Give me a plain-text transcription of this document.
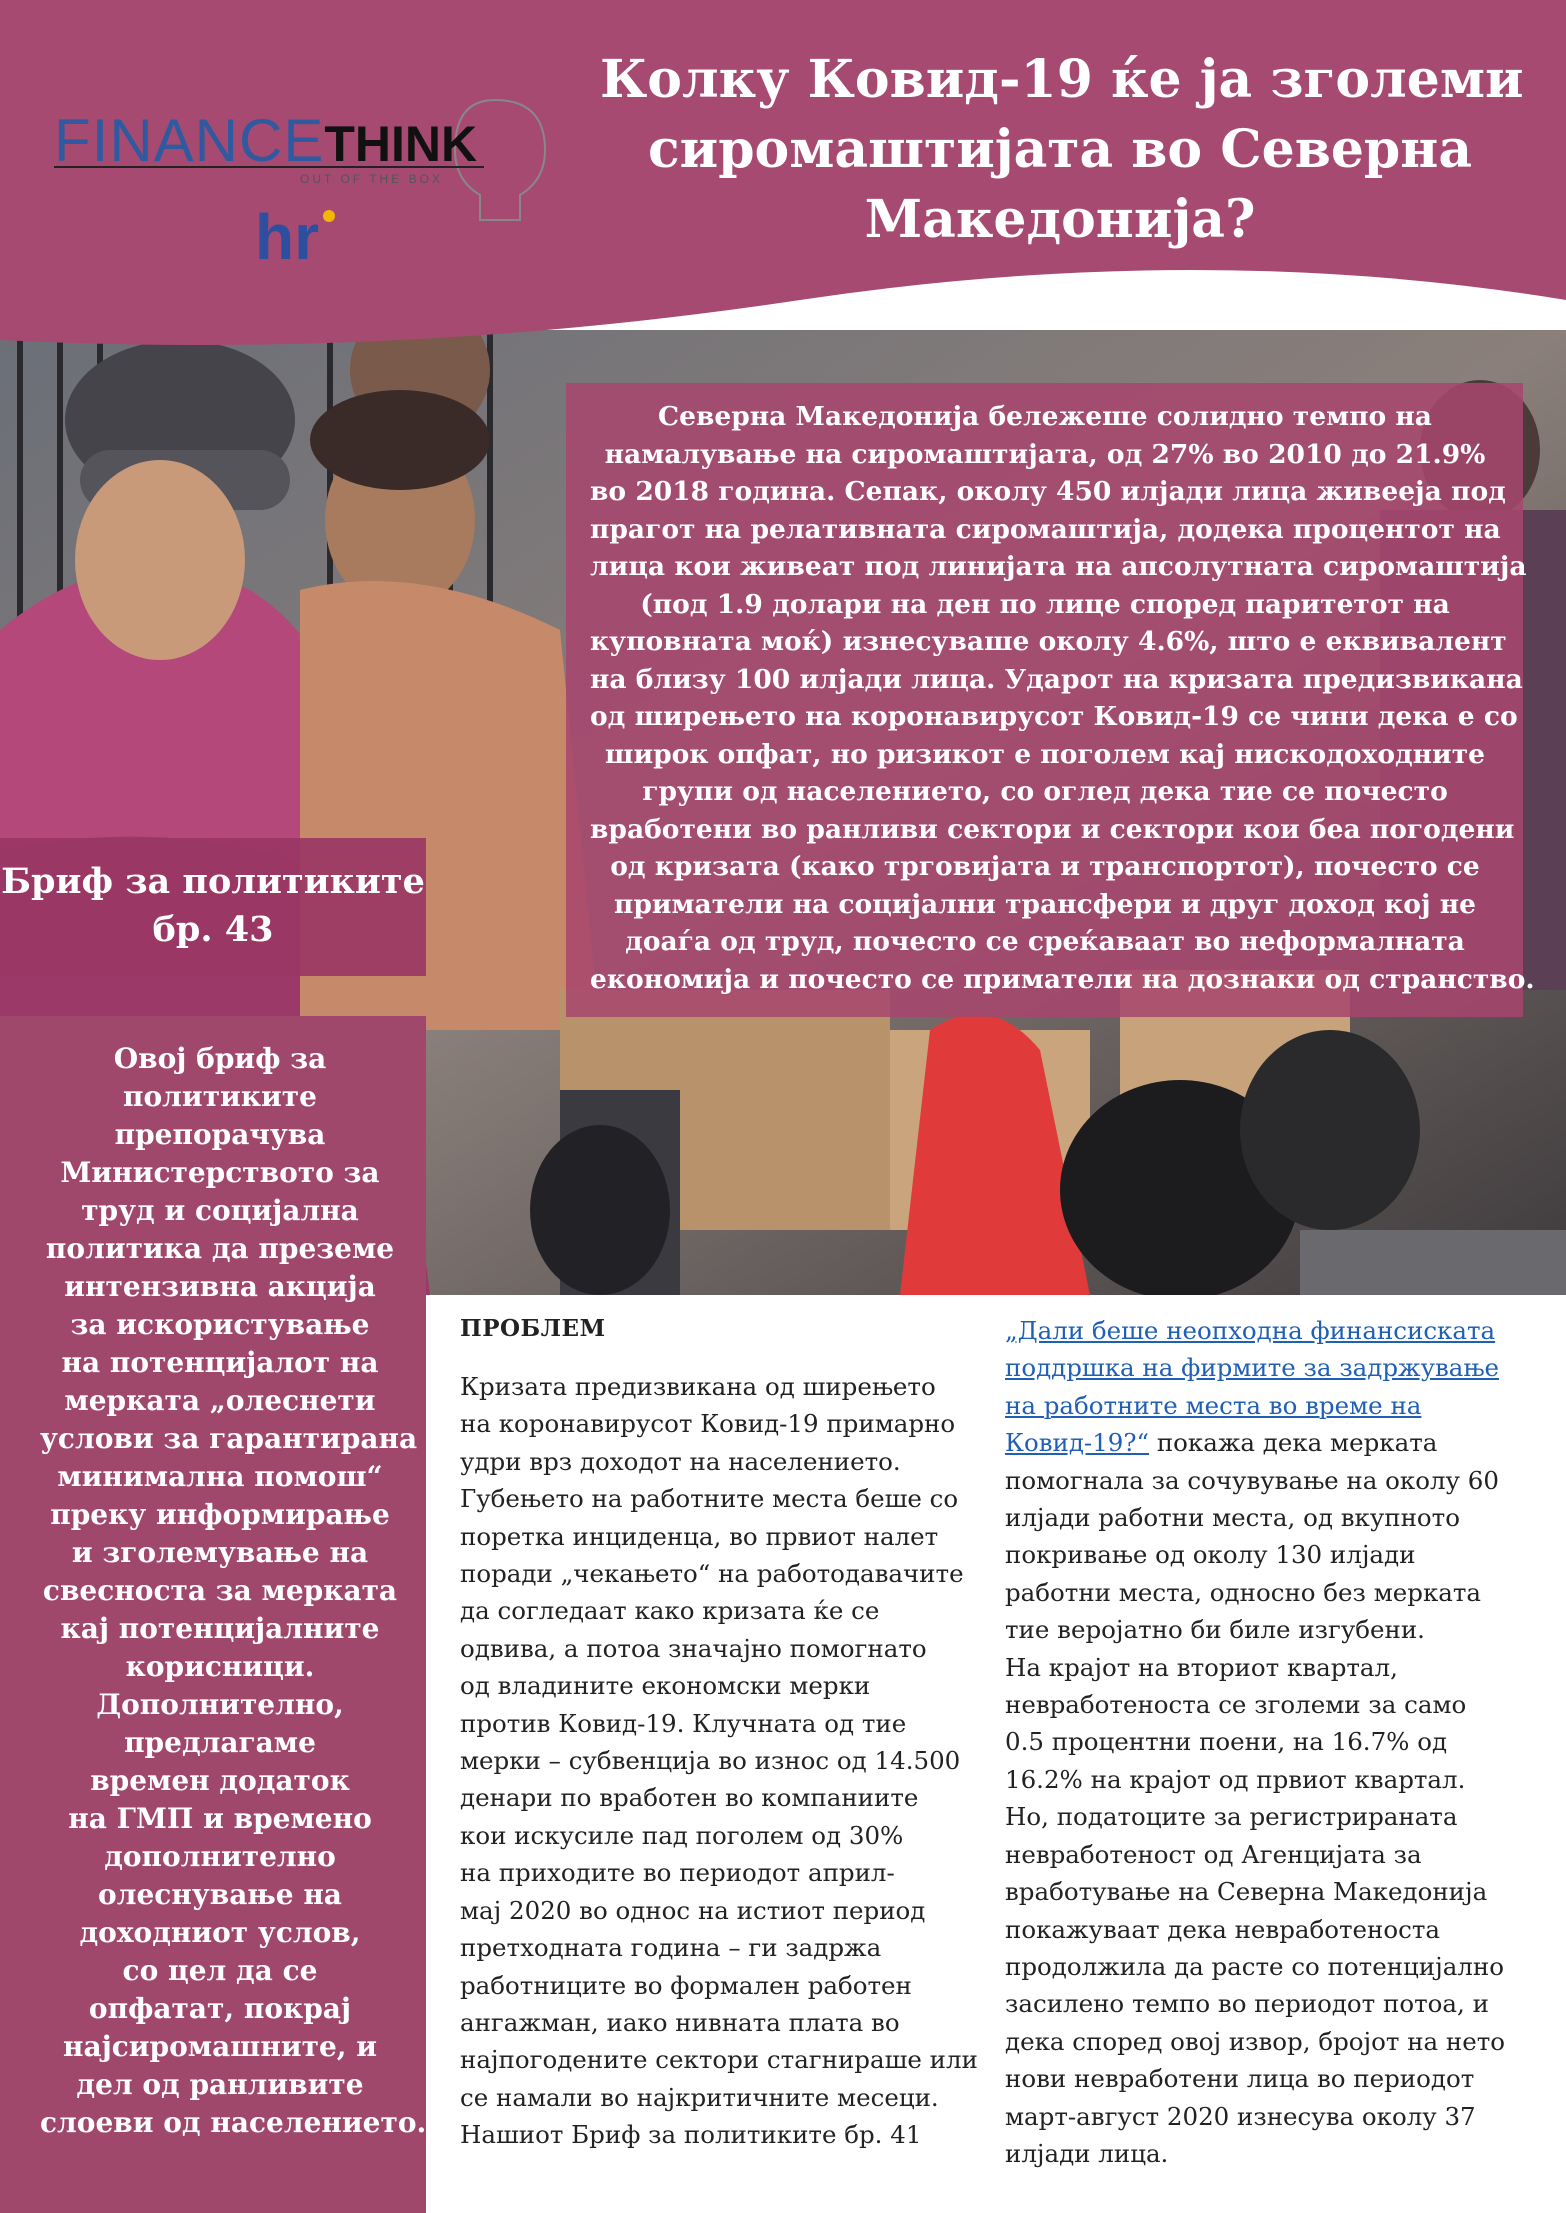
FINANCETHINK
OUT OF THE BOX
hr
Колку Ковид-19 ќе ја зголеми
сиромаштијата во Северна
Македонија?
Северна Македонија бележеше солидно темпо на
намалување на сиромаштијата, од 27% во 2010 до 21.9%
во 2018 година. Сепак, околу 450 илјади лица живееја под
прагот на релативната сиромаштија, додека процентот на
лица кои живеат под линијата на апсолутната сиромаштија
(под 1.9 долари на ден по лице според паритетот на
куповната моќ) изнесуваше околу 4.6%, што е еквивалент
на близу 100 илјади лица. Ударот на кризата предизвикана
од ширењето на коронавирусот Ковид-19 се чини дека е со
широк опфат, но ризикот е поголем кај нискодоходните
групи од населението, со оглед дека тие се почесто
вработени во ранливи сектори и сектори кои беа погодени
од кризата (како трговијата и транспортот), почесто се
приматели на социјални трансфери и друг доход кој не
доаѓа од труд, почесто се среќаваат во неформалната
економија и почесто се приматели на дознаки од странство.
Бриф за политиките
бр. 43
Овој бриф за
политиките
препорачува
Министерството за
труд и социјална
политика да преземе
интензивна акција
за искористување
на потенцијалот на
мерката „олеснети
услови за гарантирана
минимална помош“
преку информирање
и зголемување на
свесноста за мерката
кај потенцијалните
корисници.
Дополнително,
предлагаме
времен додаток
на ГМП и времено
дополнително
олеснување на
доходниот услов,
со цел да се
опфатат, покрај
најсиромашните, и
дел од ранливите
слоеви од населението.
ПРОБЛЕМ
Кризата предизвикана од ширењето
на коронавирусот Ковид-19 примарно
удри врз доходот на населението.
Губењето на работните места беше со
поретка инциденца, во првиот налет
поради „чекањето“ на работодавачите
да согледаат како кризата ќе се
одвива, а потоа значајно помогнато
од владините економски мерки
против Ковид-19. Клучната од тие
мерки – субвенција во износ од 14.500
денари по вработен во компаниите
кои искусиле пад поголем од 30%
на приходите во периодот април-
мај 2020 во однос на истиот период
претходната година – ги задржа
работниците во формален работен
ангажман, иако нивната плата во
најпогодените сектори стагнираше или
се намали во најкритичните месеци.
Нашиот Бриф за политиките бр. 41
„Дали беше неопходна финансиската
поддршка на фирмите за задржување
на работните места во време на
Ковид-19?“ покажа дека мерката
помогнала за сочувување на околу 60
илјади работни места, од вкупното
покривање од околу 130 илјади
работни места, односно без мерката
тие веројатно би биле изгубени.
На крајот на вториот квартал,
невработеноста се зголеми за само
0.5 процентни поени, на 16.7% од
16.2% на крајот од првиот квартал.
Но, податоците за регистрираната
невработеност од Агенцијата за
вработување на Северна Македонија
покажуваат дека невработеноста
продолжила да расте со потенцијално
засилено темпо во периодот потоа, и
дека според овој извор, бројот на нето
нови невработени лица во периодот
март-август 2020 изнесува околу 37
илјади лица.
